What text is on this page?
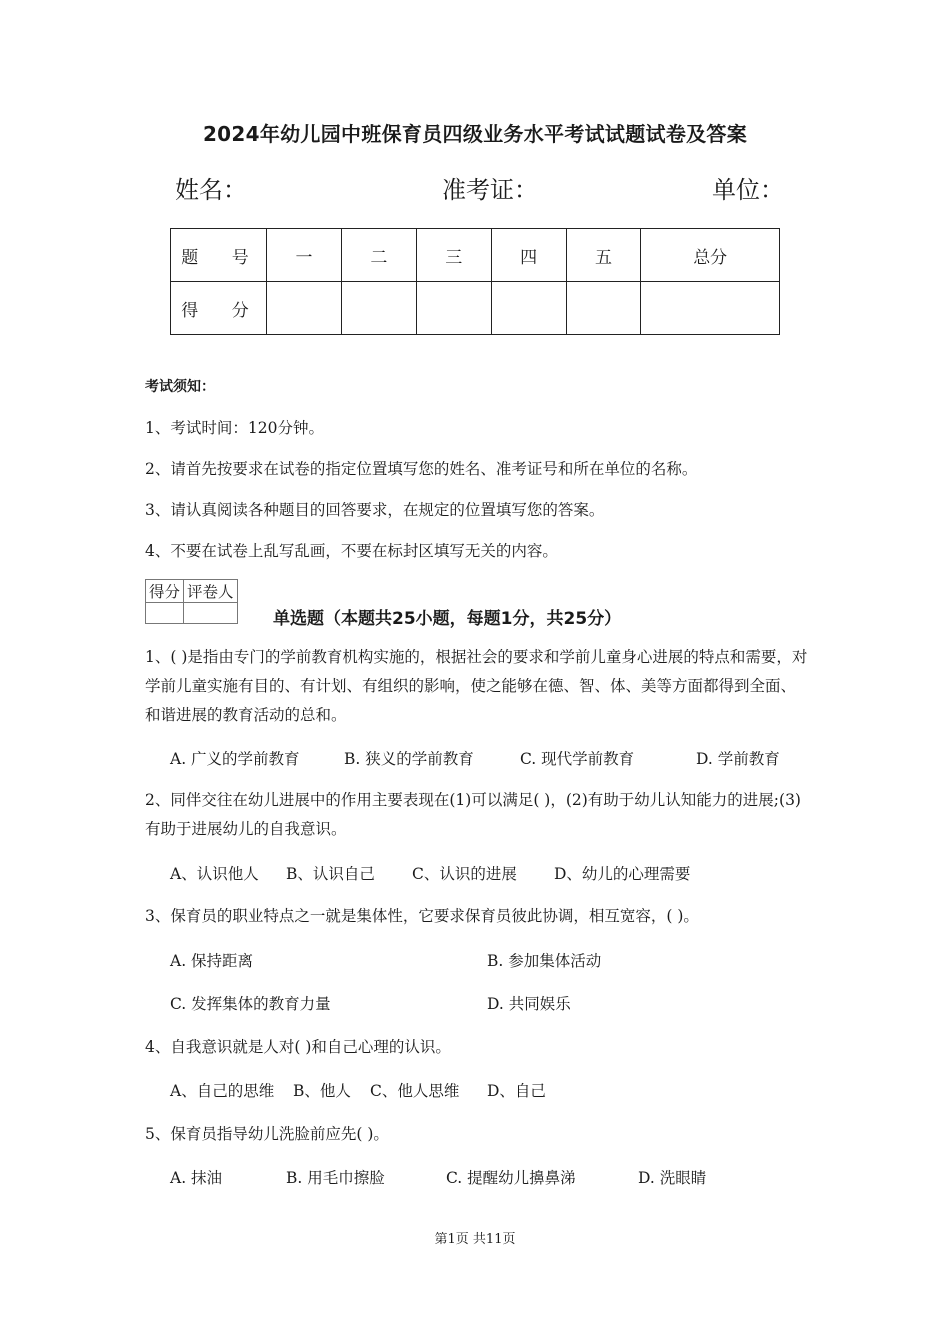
2024年幼儿园中班保育员四级业务水平考试试题试卷及答案
姓名：	准考证：	单位：
题 号	一	二	三	四	五	总分
得 分						
考试须知：
1、考试时间：120分钟。
2、请首先按要求在试卷的指定位置填写您的姓名、准考证号和所在单位的名称。
3、请认真阅读各种题目的回答要求，在规定的位置填写您的答案。
4、不要在试卷上乱写乱画，不要在标封区填写无关的内容。
得分	评卷人

单选题（本题共25小题，每题1分，共25分）
1、( )是指由专门的学前教育机构实施的，根据社会的要求和学前儿童身心进展的特点和需要，对学前儿童实施有目的、有计划、有组织的影响，使之能够在德、智、体、美等方面都得到全面、和谐进展的教育活动的总和。
A. 广义的学前教育	B. 狭义的学前教育	C. 现代学前教育	D. 学前教育
2、同伴交往在幼儿进展中的作用主要表现在(1)可以满足( )，(2)有助于幼儿认知能力的进展;(3)有助于进展幼儿的自我意识。
A、认识他人 B、认识自己 C、认识的进展 D、幼儿的心理需要
3、保育员的职业特点之一就是集体性，它要求保育员彼此协调，相互宽容，( )。
A. 保持距离	B. 参加集体活动
C. 发挥集体的教育力量	D. 共同娱乐
4、自我意识就是人对( )和自己心理的认识。
A、自己的思维 B、他人 C、他人思维 D、自己
5、保育员指导幼儿洗脸前应先( )。
A. 抹油	B. 用毛巾擦脸	C. 提醒幼儿擤鼻涕	D. 洗眼睛
第1页 共11页
